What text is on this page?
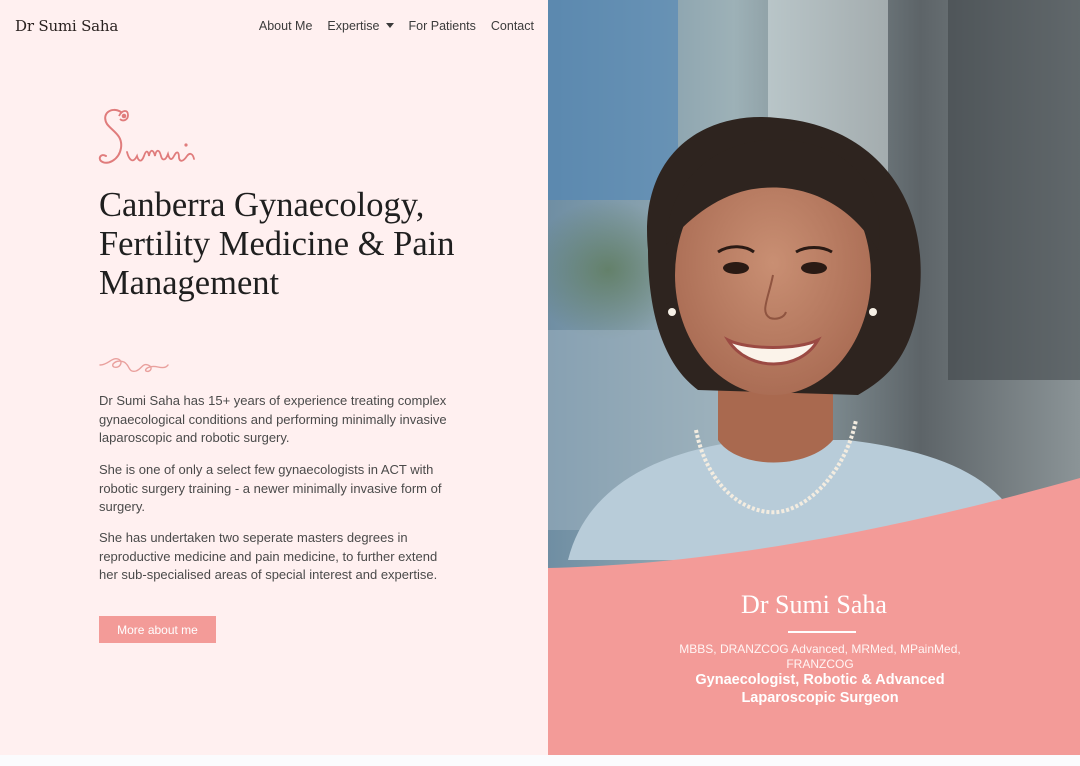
Dr Sumi Saha	About Me Expertise	For Patients Contact
Canberra Gynaecology, Fertility Medicine & Pain Management

Dr Sumi Saha has 15+ years of experience treating complex gynaecological conditions and performing minimally invasive laparoscopic and robotic surgery.

She is one of only a select few gynaecologists in ACT with robotic surgery training - a newer minimally invasive form of surgery.

She has undertaken two seperate masters degrees in reproductive medicine and pain medicine, to further extend her sub-specialised areas of special interest and expertise.

More about me
Dr Sumi Saha
MBBS, DRANZCOG Advanced, MRMed, MPainMed, FRANZCOG
Gynaecologist, Robotic & Advanced Laparoscopic Surgeon
